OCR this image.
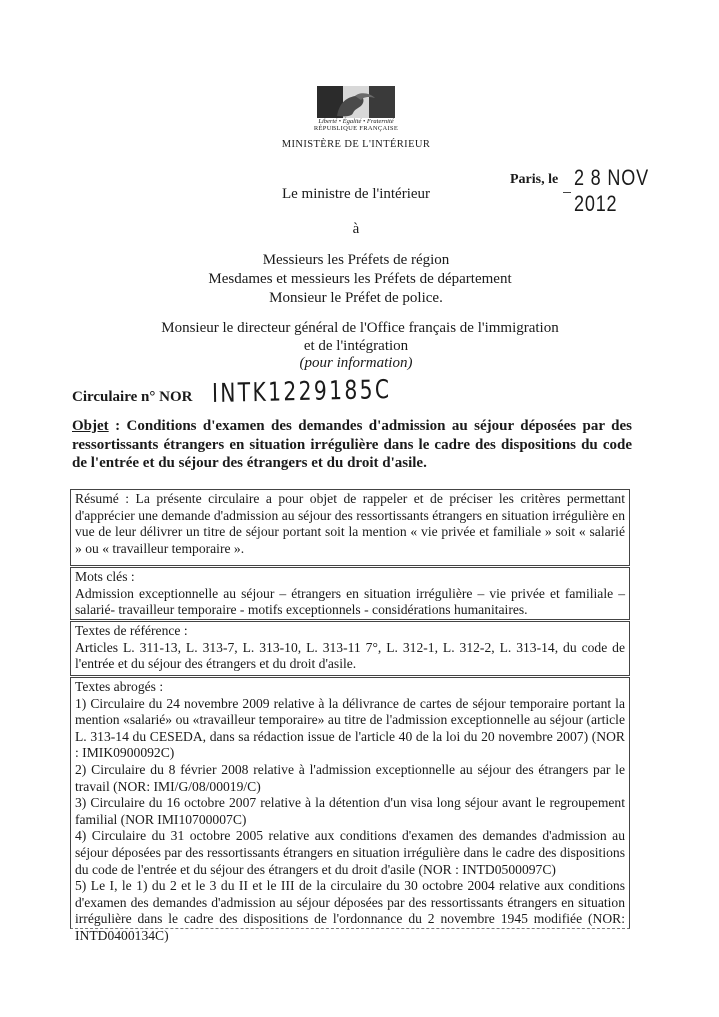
Liberté • Égalité • Fraternité
RÉPUBLIQUE FRANÇAISE
MINISTÈRE DE L'INTÉRIEUR
Paris, le 2 8 NOV 2012
Le ministre de l'intérieur
à
Messieurs les Préfets de région
Mesdames et messieurs les Préfets de département
Monsieur le Préfet de police.
Monsieur le directeur général de l'Office français de l'immigration
et de l'intégration
(pour information)
Circulaire n° NOR INTK1229185C
Objet : Conditions d'examen des demandes d'admission au séjour déposées par des ressortissants étrangers en situation irrégulière dans le cadre des dispositions du code de l'entrée et du séjour des étrangers et du droit d'asile.

Résumé : La présente circulaire a pour objet de rappeler et de préciser les critères permettant d'apprécier une demande d'admission au séjour des ressortissants étrangers en situation irrégulière en vue de leur délivrer un titre de séjour portant soit la mention « vie privée et familiale » soit « salarié » ou « travailleur temporaire ».

Mots clés :

Admission exceptionnelle au séjour – étrangers en situation irrégulière – vie privée et familiale – salarié- travailleur temporaire - motifs exceptionnels - considérations humanitaires.

Textes de référence :

Articles L. 311-13, L. 313-7, L. 313-10, L. 313-11 7°, L. 312-1, L. 312-2, L. 313-14, du code de l'entrée et du séjour des étrangers et du droit d'asile.

Textes abrogés :

1) Circulaire du 24 novembre 2009 relative à la délivrance de cartes de séjour temporaire portant la mention «salarié» ou «travailleur temporaire» au titre de l'admission exceptionnelle au séjour (article L. 313-14 du CESEDA, dans sa rédaction issue de l'article 40 de la loi du 20 novembre 2007) (NOR : IMIK0900092C)

2) Circulaire du 8 février 2008 relative à l'admission exceptionnelle au séjour des étrangers par le travail (NOR: IMI/G/08/00019/C)

3) Circulaire du 16 octobre 2007 relative à la détention d'un visa long séjour avant le regroupement familial (NOR IMI10700007C)

4) Circulaire du 31 octobre 2005 relative aux conditions d'examen des demandes d'admission au séjour déposées par des ressortissants étrangers en situation irrégulière dans le cadre des dispositions du code de l'entrée et du séjour des étrangers et du droit d'asile (NOR : INTD0500097C)

5) Le I, le 1) du 2 et le 3 du II et le III de la circulaire du 30 octobre 2004 relative aux conditions d'examen des demandes d'admission au séjour déposées par des ressortissants étrangers en situation irrégulière dans le cadre des dispositions de l'ordonnance du 2 novembre 1945 modifiée (NOR: INTD0400134C)
